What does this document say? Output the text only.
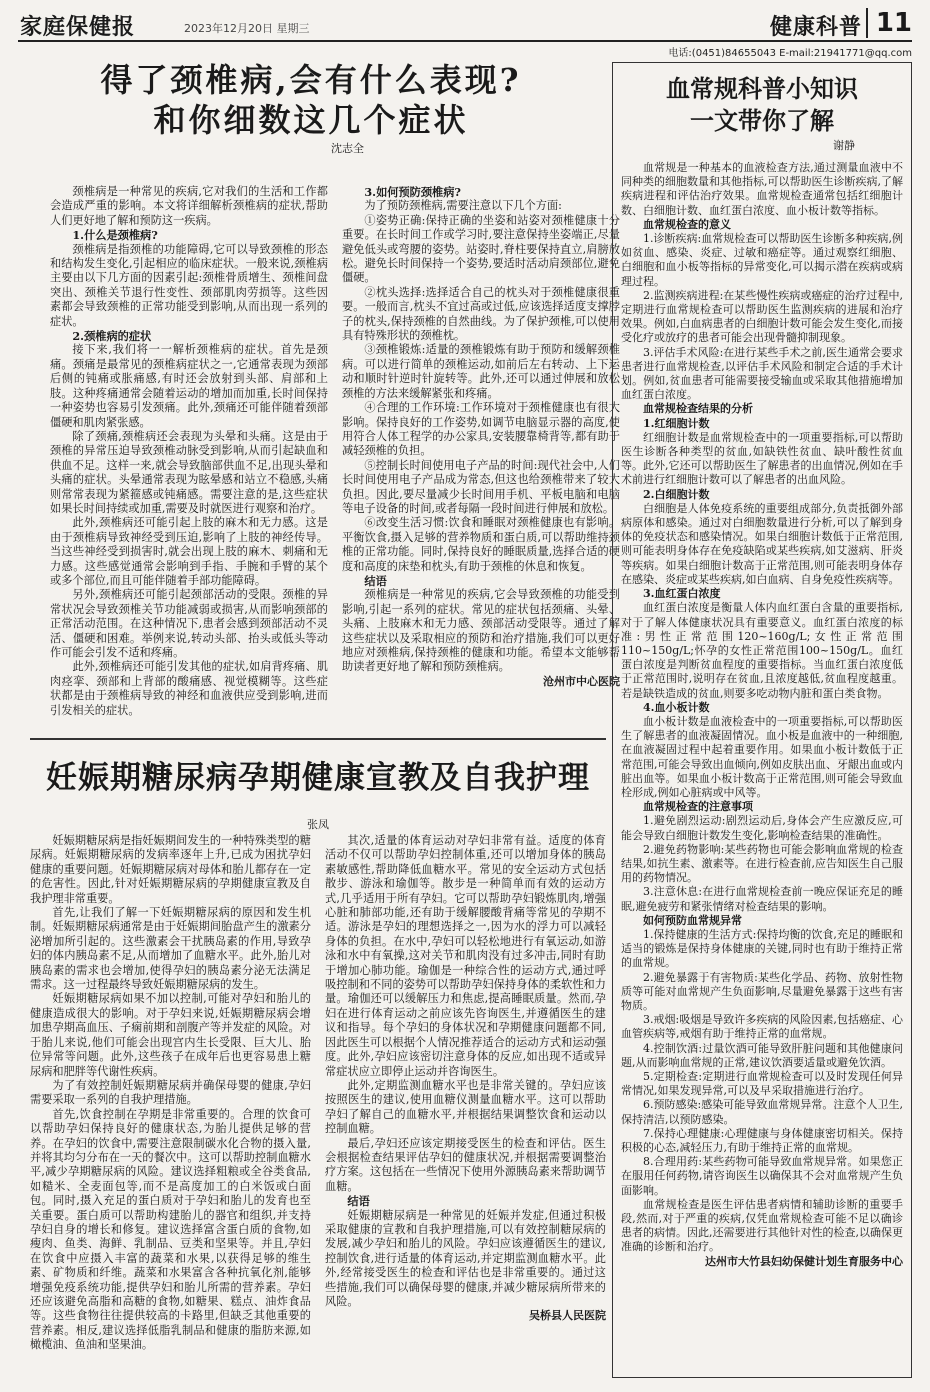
家庭保健报	2023年12月20日 星期三	健康科普 11
电话:(0451)84655043 E-mail:21941771@qq.com
得了颈椎病,会有什么表现?
和你细数这几个症状
沈志全

颈椎病是一种常见的疾病,它对我们的生活和工作都会造成严重的影响。本文将详细解析颈椎病的症状,帮助人们更好地了解和预防这一疾病。

1.什么是颈椎病?

颈椎病是指颈椎的功能障碍,它可以导致颈椎的形态和结构发生变化,引起相应的临床症状。一般来说,颈椎病主要由以下几方面的因素引起:颈椎骨质增生、颈椎间盘突出、颈椎关节退行性变性、颈部肌肉劳损等。这些因素都会导致颈椎的正常功能受到影响,从而出现一系列的症状。

2.颈椎病的症状

接下来,我们将一一解析颈椎病的症状。首先是颈痛。颈痛是最常见的颈椎病症状之一,它通常表现为颈部后侧的钝痛或胀痛感,有时还会放射到头部、肩部和上肢。这种疼痛通常会随着运动的增加而加重,长时间保持一种姿势也容易引发颈痛。此外,颈痛还可能伴随着颈部僵硬和肌肉紧张感。

除了颈痛,颈椎病还会表现为头晕和头痛。这是由于颈椎的异常压迫导致颈椎动脉受到影响,从而引起缺血和供血不足。这样一来,就会导致脑部供血不足,出现头晕和头痛的症状。头晕通常表现为眩晕感和站立不稳感,头痛则常常表现为紧箍感或钝痛感。需要注意的是,这些症状如果长时间持续或加重,需要及时就医进行观察和治疗。

此外,颈椎病还可能引起上肢的麻木和无力感。这是由于颈椎病导致神经受到压迫,影响了上肢的神经传导。当这些神经受到损害时,就会出现上肢的麻木、刺痛和无力感。这些感觉通常会影响到手指、手腕和手臂的某个或多个部位,而且可能伴随着手部功能障碍。

另外,颈椎病还可能引起颈部活动的受限。颈椎的异常状况会导致颈椎关节功能减弱或损害,从而影响颈部的正常活动范围。在这种情况下,患者会感到颈部活动不灵活、僵硬和困难。举例来说,转动头部、抬头或低头等动作可能会引发不适和疼痛。

此外,颈椎病还可能引发其他的症状,如肩背疼痛、肌肉痉挛、颈部和上背部的酸痛感、视觉模糊等。这些症状都是由于颈椎病导致的神经和血液供应受到影响,进而引发相关的症状。

3.如何预防颈椎病?

为了预防颈椎病,需要注意以下几个方面:

①姿势正确:保持正确的坐姿和站姿对颈椎健康十分重要。在长时间工作或学习时,要注意保持坐姿端正,尽量避免低头或弯腰的姿势。站姿时,脊柱要保持直立,肩膀放松。避免长时间保持一个姿势,要适时活动肩颈部位,避免僵硬。

②枕头选择:选择适合自己的枕头对于颈椎健康很重要。一般而言,枕头不宜过高或过低,应该选择适度支撑脖子的枕头,保持颈椎的自然曲线。为了保护颈椎,可以使用具有特殊形状的颈椎枕。

③颈椎锻炼:适量的颈椎锻炼有助于预防和缓解颈椎病。可以进行简单的颈椎运动,如前后左右转动、上下运动和顺时针逆时针旋转等。此外,还可以通过伸展和放松颈椎的方法来缓解紧张和疼痛。

④合理的工作环境:工作环境对于颈椎健康也有很大影响。保持良好的工作姿势,如调节电脑显示器的高度,使用符合人体工程学的办公家具,安装腰靠椅背等,都有助于减轻颈椎的负担。

⑤控制长时间使用电子产品的时间:现代社会中,人们长时间使用电子产品成为常态,但这也给颈椎带来了较大负担。因此,要尽量减少长时间用手机、平板电脑和电脑等电子设备的时间,或者每隔一段时间进行伸展和放松。

⑥改变生活习惯:饮食和睡眠对颈椎健康也有影响。平衡饮食,摄入足够的营养物质和蛋白质,可以帮助维持颈椎的正常功能。同时,保持良好的睡眠质量,选择合适的硬度和高度的床垫和枕头,有助于颈椎的休息和恢复。

结语

颈椎病是一种常见的疾病,它会导致颈椎的功能受到影响,引起一系列的症状。常见的症状包括颈痛、头晕、头痛、上肢麻木和无力感、颈部活动受限等。通过了解这些症状以及采取相应的预防和治疗措施,我们可以更好地应对颈椎病,保持颈椎的健康和功能。希望本文能够帮助读者更好地了解和预防颈椎病。

沧州市中心医院
妊娠期糖尿病孕期健康宣教及自我护理
张凤

妊娠期糖尿病是指妊娠期间发生的一种特殊类型的糖尿病。妊娠期糖尿病的发病率逐年上升,已成为困扰孕妇健康的重要问题。妊娠期糖尿病对母体和胎儿都存在一定的危害性。因此,针对妊娠期糖尿病的孕期健康宣教及自我护理非常重要。

首先,让我们了解一下妊娠期糖尿病的原因和发生机制。妊娠期糖尿病通常是由于妊娠期间胎盘产生的激素分泌增加所引起的。这些激素会干扰胰岛素的作用,导致孕妇的体内胰岛素不足,从而增加了血糖水平。此外,胎儿对胰岛素的需求也会增加,使得孕妇的胰岛素分泌无法满足需求。这一过程最终导致妊娠期糖尿病的发生。

妊娠期糖尿病如果不加以控制,可能对孕妇和胎儿的健康造成很大的影响。对于孕妇来说,妊娠期糖尿病会增加患孕期高血压、子痫前期和剖腹产等并发症的风险。对于胎儿来说,他们可能会出现宫内生长受限、巨大儿、胎位异常等问题。此外,这些孩子在成年后也更容易患上糖尿病和肥胖等代谢性疾病。

为了有效控制妊娠期糖尿病并确保母婴的健康,孕妇需要采取一系列的自我护理措施。

首先,饮食控制在孕期是非常重要的。合理的饮食可以帮助孕妇保持良好的健康状态,为胎儿提供足够的营养。在孕妇的饮食中,需要注意限制碳水化合物的摄入量,并将其均匀分布在一天的餐次中。这可以帮助控制血糖水平,减少孕期糖尿病的风险。建议选择粗粮或全谷类食品,如糙米、全麦面包等,而不是高度加工的白米饭或白面包。同时,摄入充足的蛋白质对于孕妇和胎儿的发育也至关重要。蛋白质可以帮助构建胎儿的器官和组织,并支持孕妇自身的增长和修复。建议选择富含蛋白质的食物,如瘦肉、鱼类、海鲜、乳制品、豆类和坚果等。并且,孕妇在饮食中应摄入丰富的蔬菜和水果,以获得足够的维生素、矿物质和纤维。蔬菜和水果富含各种抗氧化剂,能够增强免疫系统功能,提供孕妇和胎儿所需的营养素。孕妇还应该避免高脂和高糖的食物,如糖果、糕点、油炸食品等。这些食物往往提供较高的卡路里,但缺乏其他重要的营养素。相反,建议选择低脂乳制品和健康的脂肪来源,如橄榄油、鱼油和坚果油。

其次,适量的体育运动对孕妇非常有益。适度的体育活动不仅可以帮助孕妇控制体重,还可以增加身体的胰岛素敏感性,帮助降低血糖水平。常见的安全运动方式包括散步、游泳和瑜伽等。散步是一种简单而有效的运动方式,几乎适用于所有孕妇。它可以帮助孕妇锻炼肌肉,增强心脏和肺部功能,还有助于缓解腰酸背痛等常见的孕期不适。游泳是孕妇的理想选择之一,因为水的浮力可以减轻身体的负担。在水中,孕妇可以轻松地进行有氧运动,如游泳和水中有氧操,这对关节和肌肉没有过多冲击,同时有助于增加心肺功能。瑜伽是一种综合性的运动方式,通过呼吸控制和不同的姿势可以帮助孕妇保持身体的柔软性和力量。瑜伽还可以缓解压力和焦虑,提高睡眠质量。然而,孕妇在进行体育运动之前应该先咨询医生,并遵循医生的建议和指导。每个孕妇的身体状况和孕期健康问题都不同,因此医生可以根据个人情况推荐适合的运动方式和运动强度。此外,孕妇应该密切注意身体的反应,如出现不适或异常症状应立即停止运动并咨询医生。

此外,定期监测血糖水平也是非常关键的。孕妇应该按照医生的建议,使用血糖仪测量血糖水平。这可以帮助孕妇了解自己的血糖水平,并根据结果调整饮食和运动以控制血糖。

最后,孕妇还应该定期接受医生的检查和评估。医生会根据检查结果评估孕妇的健康状况,并根据需要调整治疗方案。这包括在一些情况下使用外源胰岛素来帮助调节血糖。

结语

妊娠期糖尿病是一种常见的妊娠并发症,但通过积极采取健康的宣教和自我护理措施,可以有效控制糖尿病的发展,减少孕妇和胎儿的风险。孕妇应该遵循医生的建议,控制饮食,进行适量的体育运动,并定期监测血糖水平。此外,经常接受医生的检查和评估也是非常重要的。通过这些措施,我们可以确保母婴的健康,并减少糖尿病所带来的风险。

吴桥县人民医院
血常规科普小知识
一文带你了解
谢静

血常规是一种基本的血液检查方法,通过测量血液中不同种类的细胞数量和其他指标,可以帮助医生诊断疾病,了解疾病进程和评估治疗效果。血常规检查通常包括红细胞计数、白细胞计数、血红蛋白浓度、血小板计数等指标。

血常规检查的意义

1.诊断疾病:血常规检查可以帮助医生诊断多种疾病,例如贫血、感染、炎症、过敏和癌症等。通过观察红细胞、白细胞和血小板等指标的异常变化,可以揭示潜在疾病或病理过程。

2.监测疾病进程:在某些慢性疾病或癌症的治疗过程中,定期进行血常规检查可以帮助医生监测疾病的进展和治疗效果。例如,白血病患者的白细胞计数可能会发生变化,而接受化疗或放疗的患者可能会出现骨髓抑制现象。

3.评估手术风险:在进行某些手术之前,医生通常会要求患者进行血常规检查,以评估手术风险和制定合适的手术计划。例如,贫血患者可能需要接受输血或采取其他措施增加血红蛋白浓度。

血常规检查结果的分析

1.红细胞计数

红细胞计数是血常规检查中的一项重要指标,可以帮助医生诊断各种类型的贫血,如缺铁性贫血、缺叶酸性贫血等。此外,它还可以帮助医生了解患者的出血情况,例如在手术前进行红细胞计数可以了解患者的出血风险。

2.白细胞计数

白细胞是人体免疫系统的重要组成部分,负责抵御外部病原体和感染。通过对白细胞数量进行分析,可以了解到身体的免疫状态和感染情况。如果白细胞计数低于正常范围,则可能表明身体存在免疫缺陷或某些疾病,如艾滋病、肝炎等疾病。如果白细胞计数高于正常范围,则可能表明身体存在感染、炎症或某些疾病,如白血病、自身免疫性疾病等。

3.血红蛋白浓度

血红蛋白浓度是衡量人体内血红蛋白含量的重要指标,对于了解人体健康状况具有重要意义。血红蛋白浓度的标准:男性正常范围120~160g/L;女性正常范围110~150g/L;怀孕的女性正常范围100~150g/L。血红蛋白浓度是判断贫血程度的重要指标。当血红蛋白浓度低于正常范围时,说明存在贫血,且浓度越低,贫血程度越重。若是缺铁造成的贫血,则要多吃动物内脏和蛋白类食物。

4.血小板计数

血小板计数是血液检查中的一项重要指标,可以帮助医生了解患者的血液凝固情况。血小板是血液中的一种细胞,在血液凝固过程中起着重要作用。如果血小板计数低于正常范围,可能会导致出血倾向,例如皮肤出血、牙龈出血或内脏出血等。如果血小板计数高于正常范围,则可能会导致血栓形成,例如心脏病或中风等。

血常规检查的注意事项

1.避免剧烈运动:剧烈运动后,身体会产生应激反应,可能会导致白细胞计数发生变化,影响检查结果的准确性。

2.避免药物影响:某些药物也可能会影响血常规的检查结果,如抗生素、激素等。在进行检查前,应告知医生自己服用的药物情况。

3.注意休息:在进行血常规检查前一晚应保证充足的睡眠,避免疲劳和紧张情绪对检查结果的影响。

如何预防血常规异常

1.保持健康的生活方式:保持均衡的饮食,充足的睡眠和适当的锻炼是保持身体健康的关键,同时也有助于维持正常的血常规。

2.避免暴露于有害物质:某些化学品、药物、放射性物质等可能对血常规产生负面影响,尽量避免暴露于这些有害物质。

3.戒烟:吸烟是导致许多疾病的风险因素,包括癌症、心血管疾病等,戒烟有助于维持正常的血常规。

4.控制饮酒:过量饮酒可能导致肝脏问题和其他健康问题,从而影响血常规的正常,建议饮酒要适量或避免饮酒。

5.定期检查:定期进行血常规检查可以及时发现任何异常情况,如果发现异常,可以及早采取措施进行治疗。

6.预防感染:感染可能导致血常规异常。注意个人卫生,保持清洁,以预防感染。

7.保持心理健康:心理健康与身体健康密切相关。保持积极的心态,减轻压力,有助于维持正常的血常规。

8.合理用药:某些药物可能导致血常规异常。如果您正在服用任何药物,请咨询医生以确保其不会对血常规产生负面影响。

血常规检查是医生评估患者病情和辅助诊断的重要手段,然而,对于严重的疾病,仅凭血常规检查可能不足以确诊患者的病情。因此,还需要进行其他针对性的检查,以确保更准确的诊断和治疗。

达州市大竹县妇幼保健计划生育服务中心
